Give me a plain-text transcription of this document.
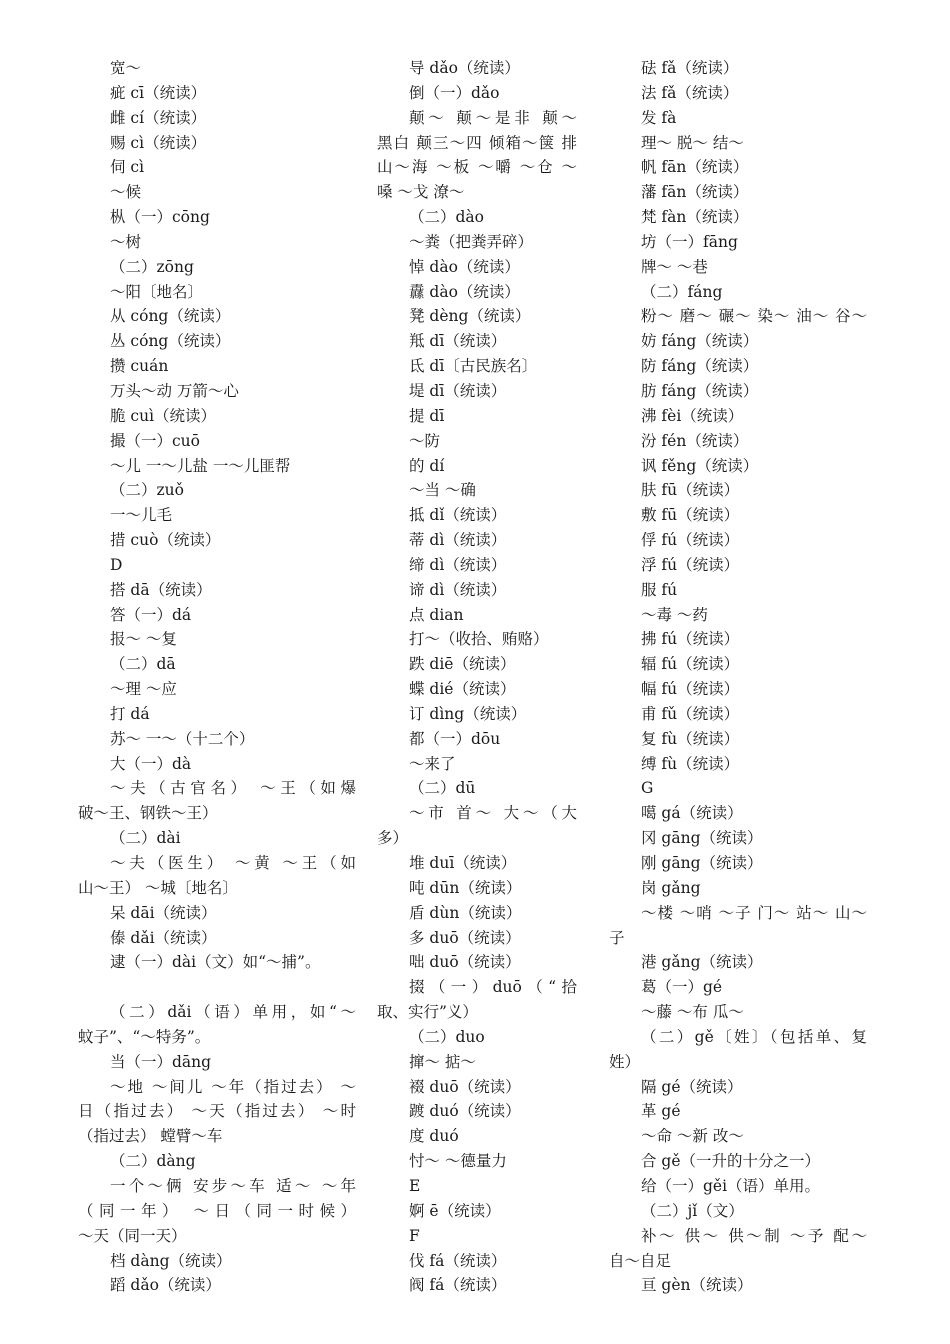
宽～
疵 cī（统读）
雌 cí（统读）
赐 cì（统读）
伺 cì
～候
枞（一）cōng
～树
（二）zōng
～阳〔地名〕
从 cóng（统读）
丛 cóng（统读）
攒 cuán
万头～动 万箭～心
脆 cuì（统读）
撮（一）cuō
～儿 一～儿盐 一～儿匪帮
（二）zuǒ
一～儿毛
措 cuò（统读）
D
搭 dā（统读）
答（一）dá
报～ ～复
（二）dā
～理 ～应
打 dá
苏～ 一～（十二个）
大（一）dà
～夫（古官名） ～王（如爆
破～王、钢铁～王）
（二）dài
～夫（医生） ～黄 ～王（如
山～王） ～城〔地名〕
呆 dāi（统读）
傣 dǎi（统读）
逮（一）dài（文）如“～捕”。
（二）dǎi（语）单用，如“～
蚊子”、“～特务”。
当（一）dāng
～地 ～间儿 ～年（指过去） ～
日（指过去） ～天（指过去） ～时
（指过去） 螳臂～车
（二）dàng
一个～俩 安步～车 适～ ～年
（同一年） ～日（同一时候）
～天（同一天）
档 dàng（统读）
蹈 dǎo（统读）
导 dǎo（统读）
倒（一）dǎo
颠～ 颠～是非 颠～
黑白 颠三～四 倾箱～箧 排
山～海 ～板 ～嚼 ～仓 ～
嗓 ～戈 潦～
（二）dào
～粪（把粪弄碎）
悼 dào（统读）
纛 dào（统读）
凳 dèng（统读）
羝 dī（统读）
氐 dī〔古民族名〕
堤 dī（统读）
提 dī
～防
的 dí
～当 ～确
抵 dǐ（统读）
蒂 dì（统读）
缔 dì（统读）
谛 dì（统读）
点 dian
打～（收拾、贿赂）
跌 diē（统读）
蝶 dié（统读）
订 dìng（统读）
都（一）dōu
～来了
（二）dū
～市 首～ 大～（大
多）
堆 duī（统读）
吨 dūn（统读）
盾 dùn（统读）
多 duō（统读）
咄 duō（统读）
掇（一）duō（“拾
取、实行”义）
（二）duo
撺～ 掂～
裰 duō（统读）
踱 duó（统读）
度 duó
忖～ ～德量力
E
婀 ē（统读）
F
伐 fá（统读）
阀 fá（统读）
砝 fǎ（统读）
法 fǎ（统读）
发 fà
理～ 脱～ 结～
帆 fān（统读）
藩 fān（统读）
梵 fàn（统读）
坊（一）fāng
牌～ ～巷
（二）fáng
粉～ 磨～ 碾～ 染～ 油～ 谷～
妨 fáng（统读）
防 fáng（统读）
肪 fáng（统读）
沸 fèi（统读）
汾 fén（统读）
讽 fěng（统读）
肤 fū（统读）
敷 fū（统读）
俘 fú（统读）
浮 fú（统读）
服 fú
～毒 ～药
拂 fú（统读）
辐 fú（统读）
幅 fú（统读）
甫 fǔ（统读）
复 fù（统读）
缚 fù（统读）
G
噶 gá（统读）
冈 gāng（统读）
刚 gāng（统读）
岗 gǎng
～楼 ～哨 ～子 门～ 站～ 山～
子
港 gǎng（统读）
葛（一）gé
～藤 ～布 瓜～
（二）gě〔姓〕（包括单、复
姓）
隔 gé（统读）
革 gé
～命 ～新 改～
合 gě（一升的十分之一）
给（一）gěi（语）单用。
（二）jǐ（文）
补～ 供～ 供～制 ～予 配～
自～自足
亘 gèn（统读）
